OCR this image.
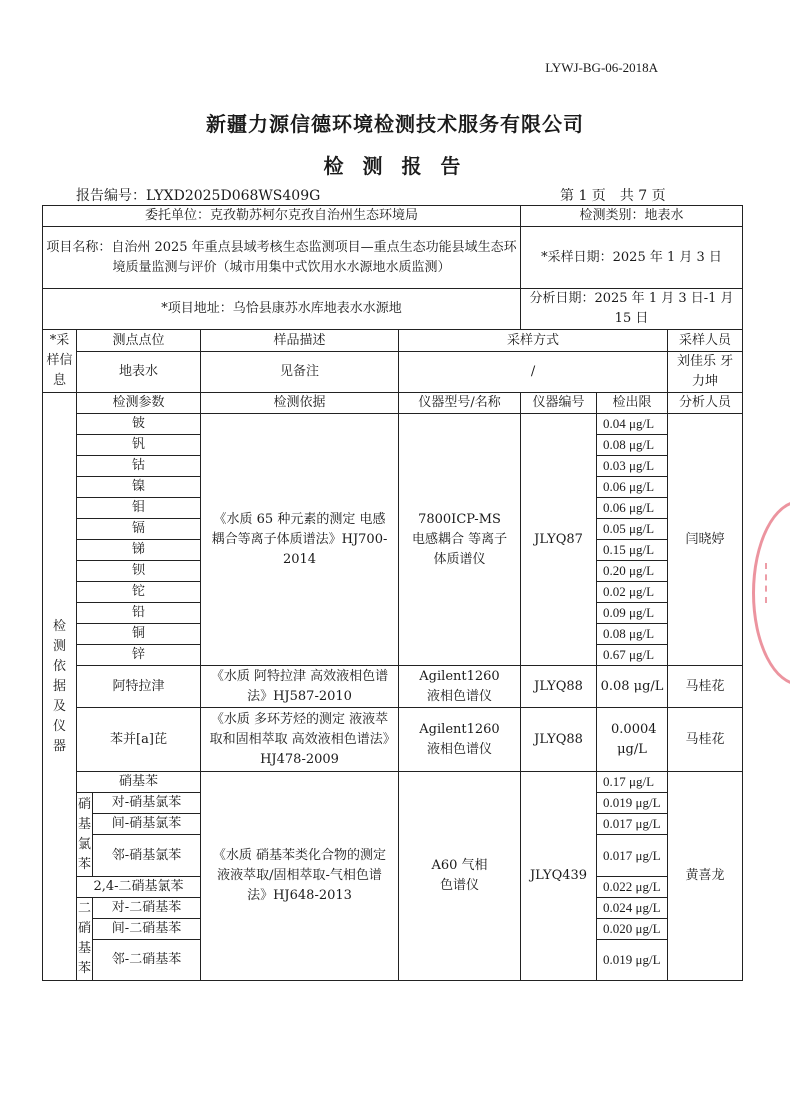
LYWJ-BG-06-2018A
新疆力源信德环境检测技术服务有限公司
检 测 报 告
报告编号：LYXD2025D068WS409G	第 1 页 共 7 页
委托单位：克孜勒苏柯尔克孜自治州生态环境局					检测类别：地表水		
项目名称：自治州 2025 年重点县域考核生态监测项目—重点生态功能县域生态环境质量监测与评价（城市用集中式饮用水水源地水质监测）					*采样日期：2025 年 1 月 3 日		
*项目地址：乌恰县康苏水库地表水水源地					分析日期：2025 年 1 月 3 日-1 月 15 日		
*采样信息	测点点位		样品描述	采样方式			采样人员
	地表水		见备注	/			刘佳乐 牙力坤
检测依据及仪器	检测参数		检测依据	仪器型号/名称	仪器编号	检出限	分析人员
	铍		《水质 65 种元素的测定 电感耦合等离子体质谱法》HJ700-2014	7800ICP-MS 电感耦合 等离子体质谱仪	JLYQ87	0.04 μg/L	闫晓婷
	钒					0.08 μg/L	
	钴					0.03 μg/L	
	镍					0.06 μg/L	
	钼					0.06 μg/L	
	镉					0.05 μg/L	
	锑					0.15 μg/L	
	钡					0.20 μg/L	
	铊					0.02 μg/L	
	铅					0.09 μg/L	
	铜					0.08 μg/L	
	锌					0.67 μg/L	
	阿特拉津		《水质 阿特拉津 高效液相色谱法》HJ587-2010	Agilent1260 液相色谱仪	JLYQ88	0.08 μg/L	马桂花
	苯并[a]芘		《水质 多环芳烃的测定 液液萃取和固相萃取 高效液相色谱法》HJ478-2009	Agilent1260 液相色谱仪	JLYQ88	0.0004 μg/L	马桂花
	硝基苯		《水质 硝基苯类化合物的测定 液液萃取/固相萃取-气相色谱法》HJ648-2013	A60 气相色谱仪	JLYQ439	0.17 μg/L	黄喜龙
	硝基氯苯	对-硝基氯苯				0.019 μg/L	
		间-硝基氯苯				0.017 μg/L	
		邻-硝基氯苯				0.017 μg/L	

	2,4-二硝基氯苯					0.022 μg/L	
	二硝基苯	对-二硝基苯				0.024 μg/L	
		间-二硝基苯				0.020 μg/L	
		邻-二硝基苯				0.019 μg/L	
